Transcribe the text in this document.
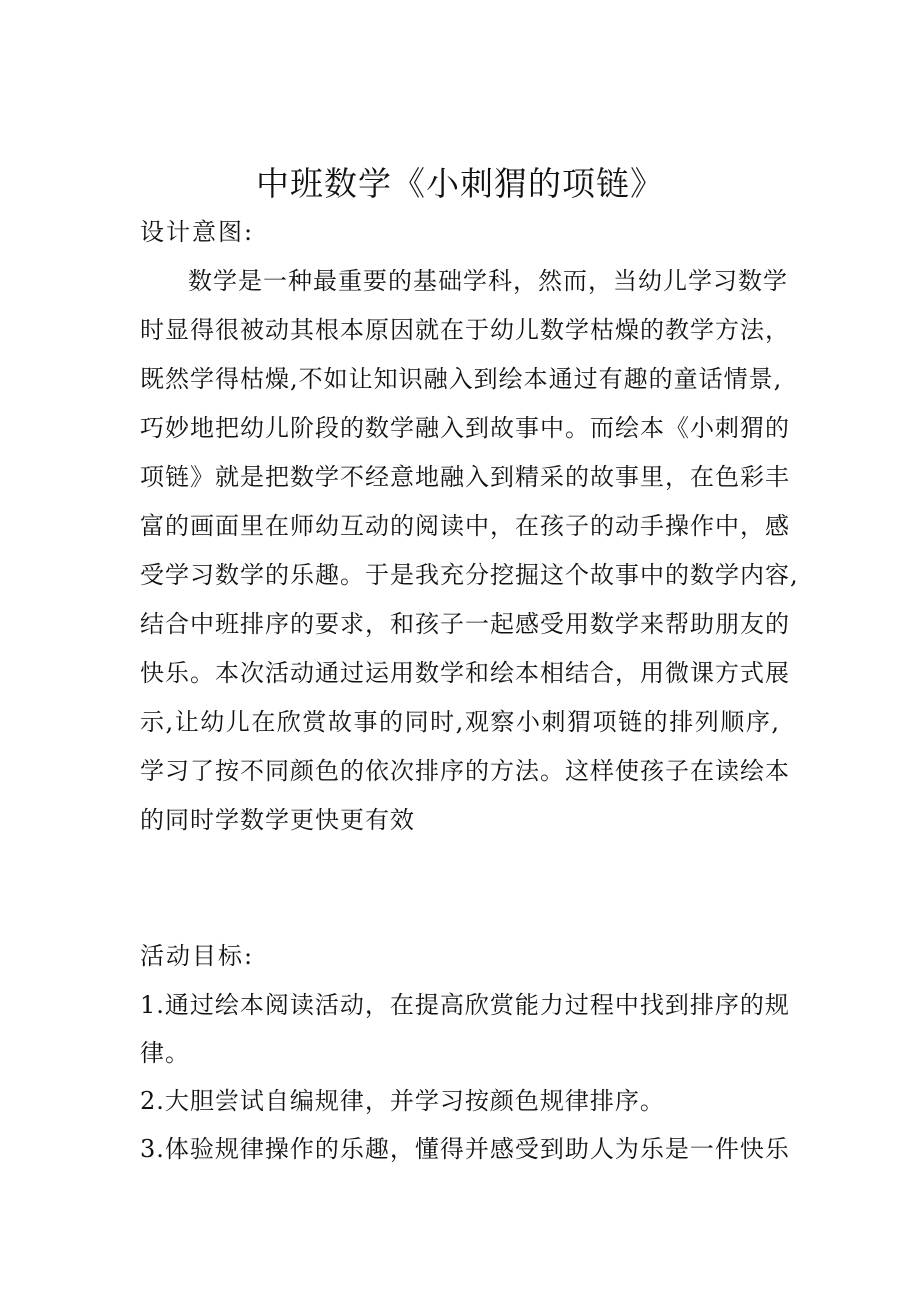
中班数学《小刺猬的项链》

设计意图:

数学是一种最重要的基础学科，然而，当幼儿学习数学
时显得很被动其根本原因就在于幼儿数学枯燥的教学方法，
既然学得枯燥,不如让知识融入到绘本通过有趣的童话情景,
巧妙地把幼儿阶段的数学融入到故事中。而绘本《小刺猬的
项链》就是把数学不经意地融入到精采的故事里，在色彩丰
富的画面里在师幼互动的阅读中，在孩子的动手操作中，感
受学习数学的乐趣。于是我充分挖掘这个故事中的数学内容,
结合中班排序的要求，和孩子一起感受用数学来帮助朋友的
快乐。本次活动通过运用数学和绘本相结合，用微课方式展
示,让幼儿在欣赏故事的同时,观察小刺猬项链的排列顺序,
学习了按不同颜色的依次排序的方法。这样使孩子在读绘本
的同时学数学更快更有效

活动目标:

1.通过绘本阅读活动，在提高欣赏能力过程中找到排序的规
律。
2.大胆尝试自编规律，并学习按颜色规律排序。
3.体验规律操作的乐趣，懂得并感受到助人为乐是一件快乐
